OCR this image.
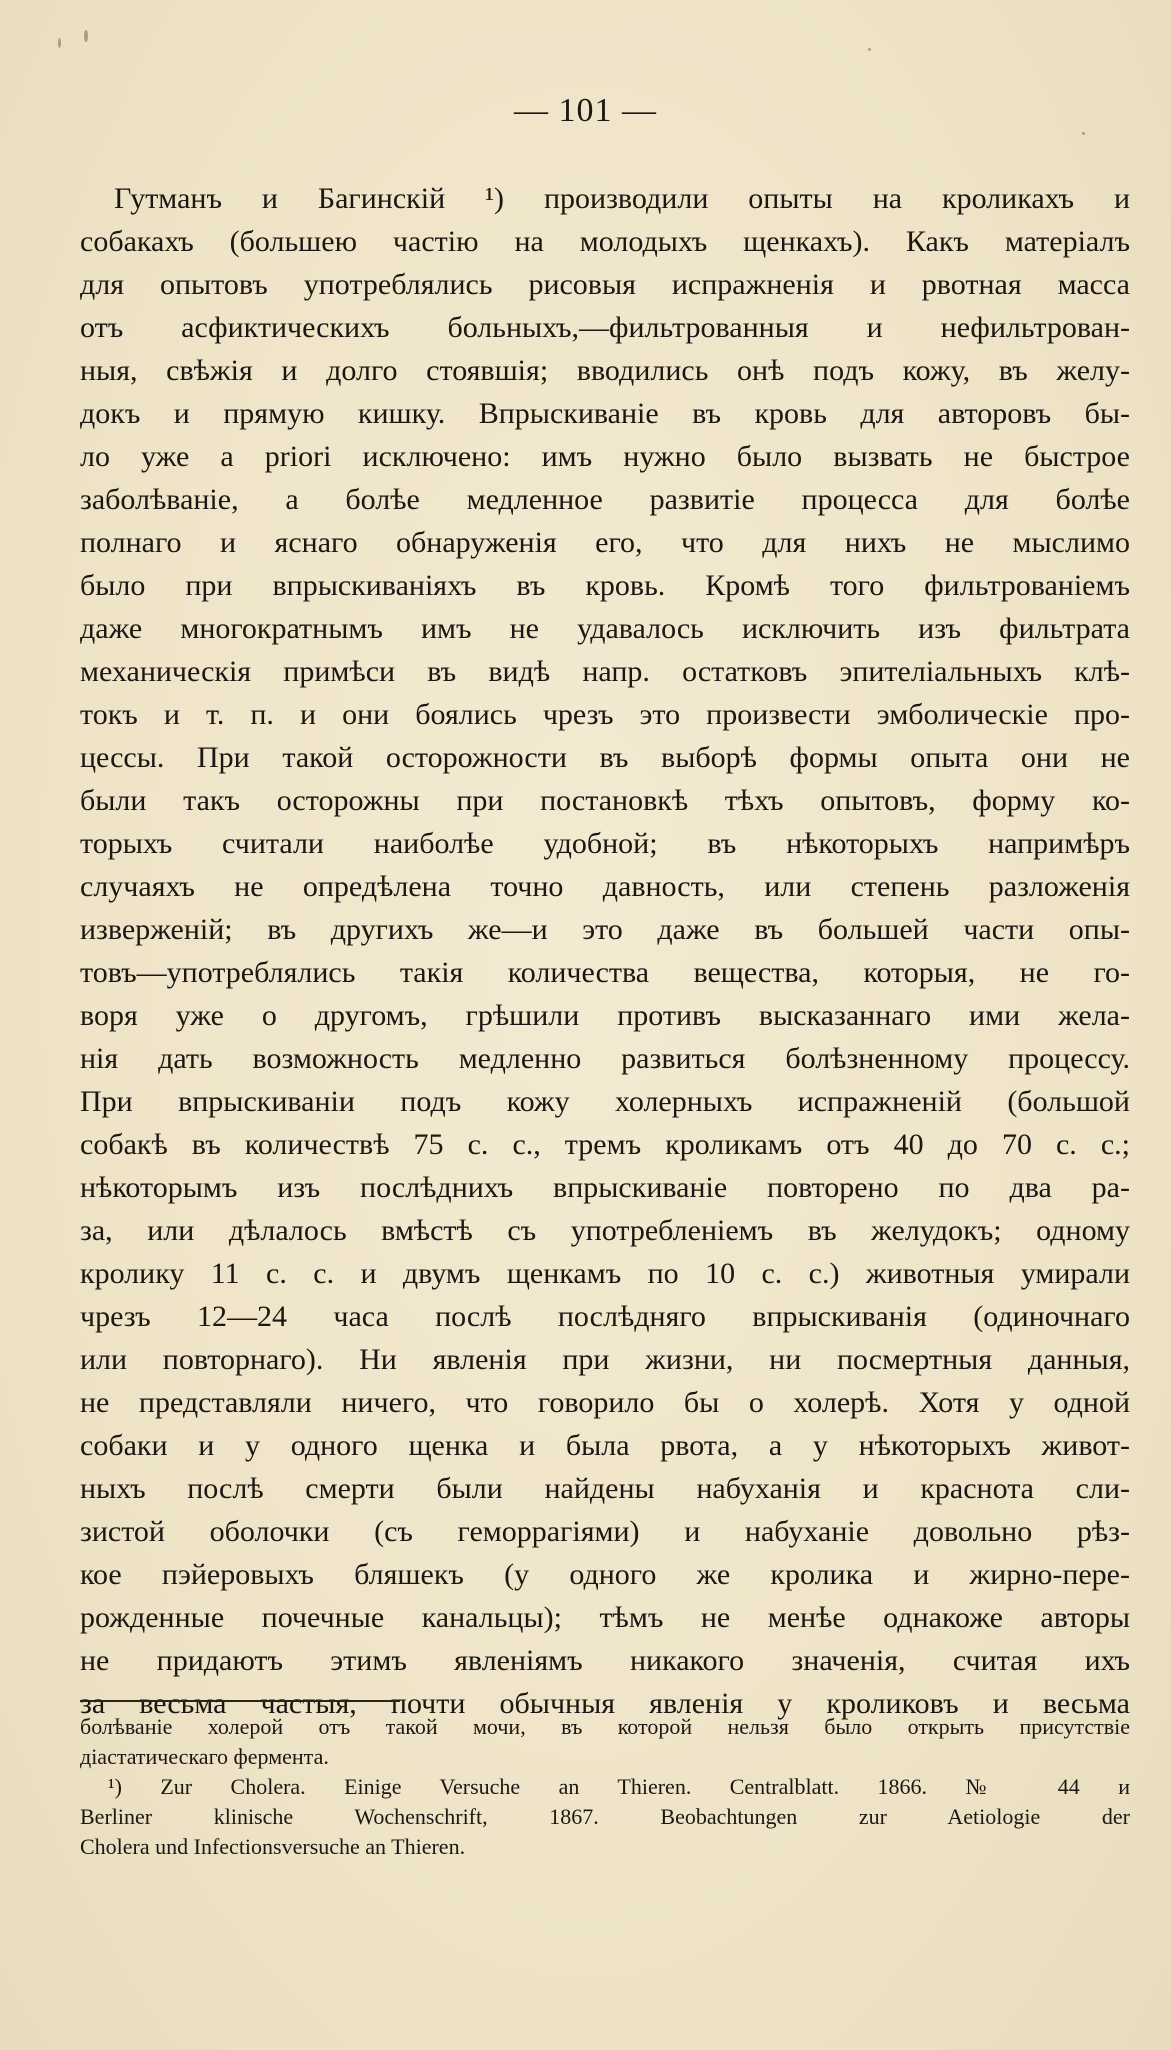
— 101 —
Гутманъ и Багинскiй ¹) производили опыты на кроликахъ и
собакахъ (большею частiю на молодыхъ щенкахъ). Какъ матерiалъ
для опытовъ употреблялись рисовыя испражненiя и рвотная масса
отъ асфиктическихъ больныхъ,—фильтрованныя и нефильтрован-
ныя, свѣжiя и долго стоявшiя; вводились онѣ подъ кожу, въ желу-
докъ и прямую кишку. Впрыскиванiе въ кровь для авторовъ бы-
ло уже a priori исключено: имъ нужно было вызвать не быстрое
заболѣванiе, а болѣе медленное развитiе процесса для болѣе
полнаго и яснаго обнаруженiя его, что для нихъ не мыслимо
было при впрыскиванiяхъ въ кровь. Кромѣ того фильтрованiемъ
даже многократнымъ имъ не удавалось исключить изъ фильтрата
механическiя примѣси въ видѣ напр. остатковъ эпителiальныхъ клѣ-
токъ и т. п. и они боялись чрезъ это произвести эмболическiе про-
цессы. При такой осторожности въ выборѣ формы опыта они не
были такъ осторожны при постановкѣ тѣхъ опытовъ, форму ко-
торыхъ считали наиболѣе удобной; въ нѣкоторыхъ напримѣръ
случаяхъ не опредѣлена точно давность, или степень разложенiя
изверженiй; въ другихъ же—и это даже въ большей части опы-
товъ—употреблялись такiя количества вещества, которыя, не го-
воря уже о другомъ, грѣшили противъ высказаннаго ими жела-
нiя дать возможность медленно развиться болѣзненному процессу.
При впрыскиванiи подъ кожу холерныхъ испражненiй (большой
собакѣ въ количествѣ 75 c. c., тремъ кроликамъ отъ 40 до 70 c. c.;
нѣкоторымъ изъ послѣднихъ впрыскиванiе повторено по два ра-
за, или дѣлалось вмѣстѣ съ употребленiемъ въ желудокъ; одному
кролику 11 c. c. и двумъ щенкамъ по 10 c. c.) животныя умирали
чрезъ 12—24 часа послѣ послѣдняго впрыскиванiя (одиночнаго
или повторнаго). Ни явленiя при жизни, ни посмертныя данныя,
не представляли ничего, что говорило бы о холерѣ. Хотя у одной
собаки и у одного щенка и была рвота, а у нѣкоторыхъ живот-
ныхъ послѣ смерти были найдены набуханiя и краснота сли-
зистой оболочки (съ геморрагiями) и набуханiе довольно рѣз-
кое пэйеровыхъ бляшекъ (у одного же кролика и жирно-пере-
рожденные почечные канальцы); тѣмъ не менѣе однакоже авторы
не придаютъ этимъ явленiямъ никакого значенiя, считая ихъ
за весьма частыя, почти обычныя явленiя у кроликовъ и весьма
болѣванiе холерой отъ такой мочи, въ которой нельзя было открыть присутствiе
дiастатическаго фермента.
¹) Zur Cholera. Einige Versuche an Thieren. Centralblatt. 1866. № 44 и
Berliner klinische Wochenschrift, 1867. Beobachtungen zur Aetiologie der
Cholera und Infectionsversuche an Thieren.
